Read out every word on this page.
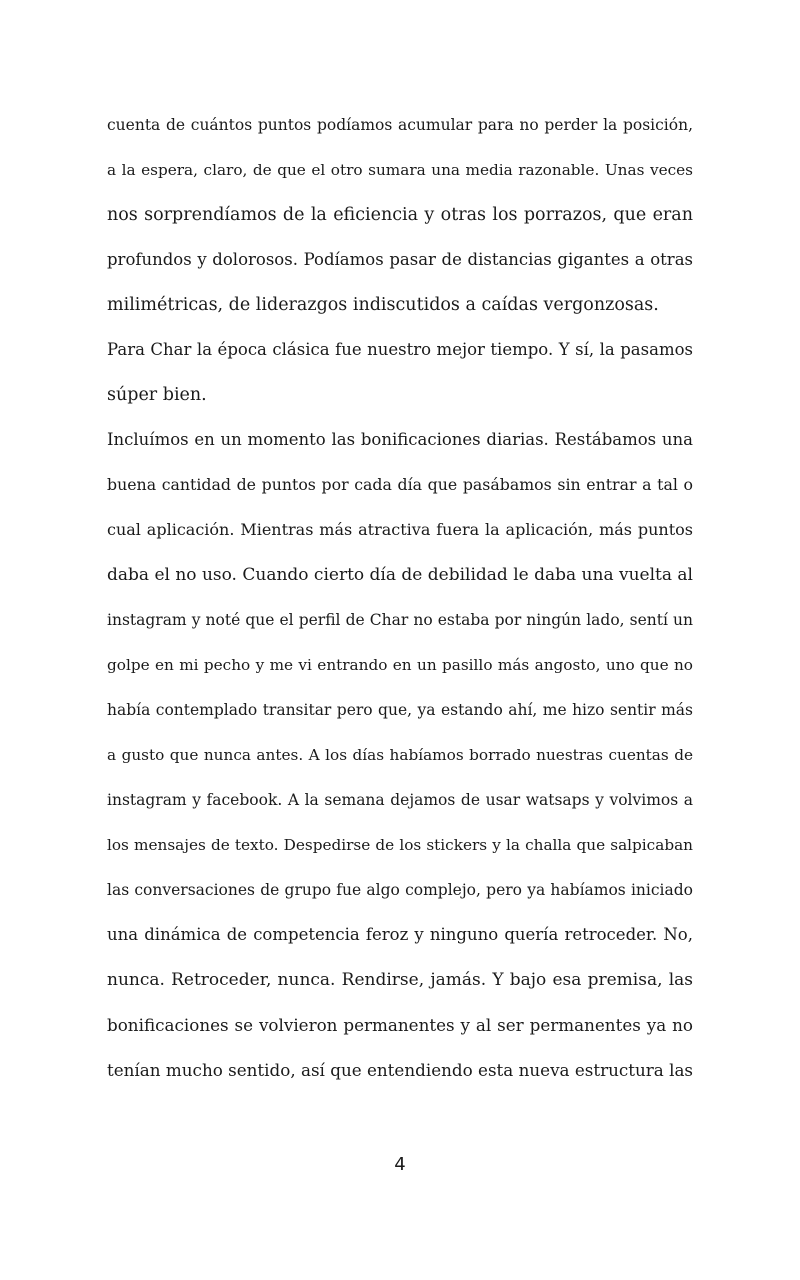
cuenta de cuántos puntos podíamos acumular para no perder la posición,
a la espera, claro, de que el otro sumara una media razonable. Unas veces
nos sorprendíamos de la eficiencia y otras los porrazos, que eran
profundos y dolorosos. Podíamos pasar de distancias gigantes a otras
milimétricas, de liderazgos indiscutidos a caídas vergonzosas.
Para Char la época clásica fue nuestro mejor tiempo. Y sí, la pasamos
súper bien.
Incluímos en un momento las bonificaciones diarias. Restábamos una
buena cantidad de puntos por cada día que pasábamos sin entrar a tal o
cual aplicación. Mientras más atractiva fuera la aplicación, más puntos
daba el no uso. Cuando cierto día de debilidad le daba una vuelta al
instagram y noté que el perfil de Char no estaba por ningún lado, sentí un
golpe en mi pecho y me vi entrando en un pasillo más angosto, uno que no
había contemplado transitar pero que, ya estando ahí, me hizo sentir más
a gusto que nunca antes. A los días habíamos borrado nuestras cuentas de
instagram y facebook. A la semana dejamos de usar watsaps y volvimos a
los mensajes de texto. Despedirse de los stickers y la challa que salpicaban
las conversaciones de grupo fue algo complejo, pero ya habíamos iniciado
una dinámica de competencia feroz y ninguno quería retroceder. No,
nunca. Retroceder, nunca. Rendirse, jamás. Y bajo esa premisa, las
bonificaciones se volvieron permanentes y al ser permanentes ya no
tenían mucho sentido, así que entendiendo esta nueva estructura las
4
